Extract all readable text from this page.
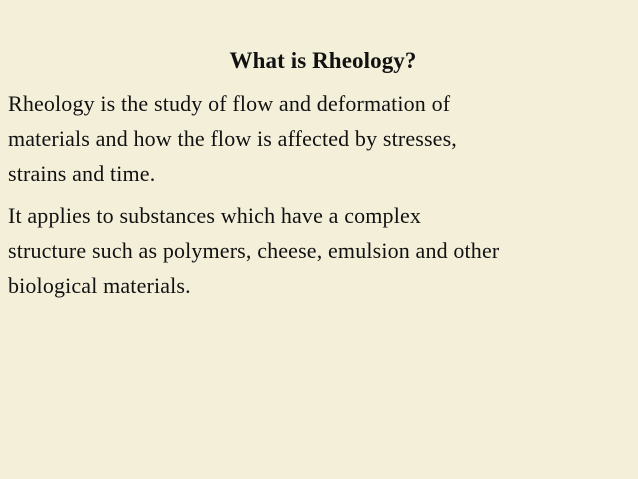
What is Rheology?
Rheology is the study of flow and deformation of
materials and how the flow is affected by stresses,
strains and time.
It applies to substances which have a complex
structure such as polymers, cheese, emulsion and other
biological materials.
